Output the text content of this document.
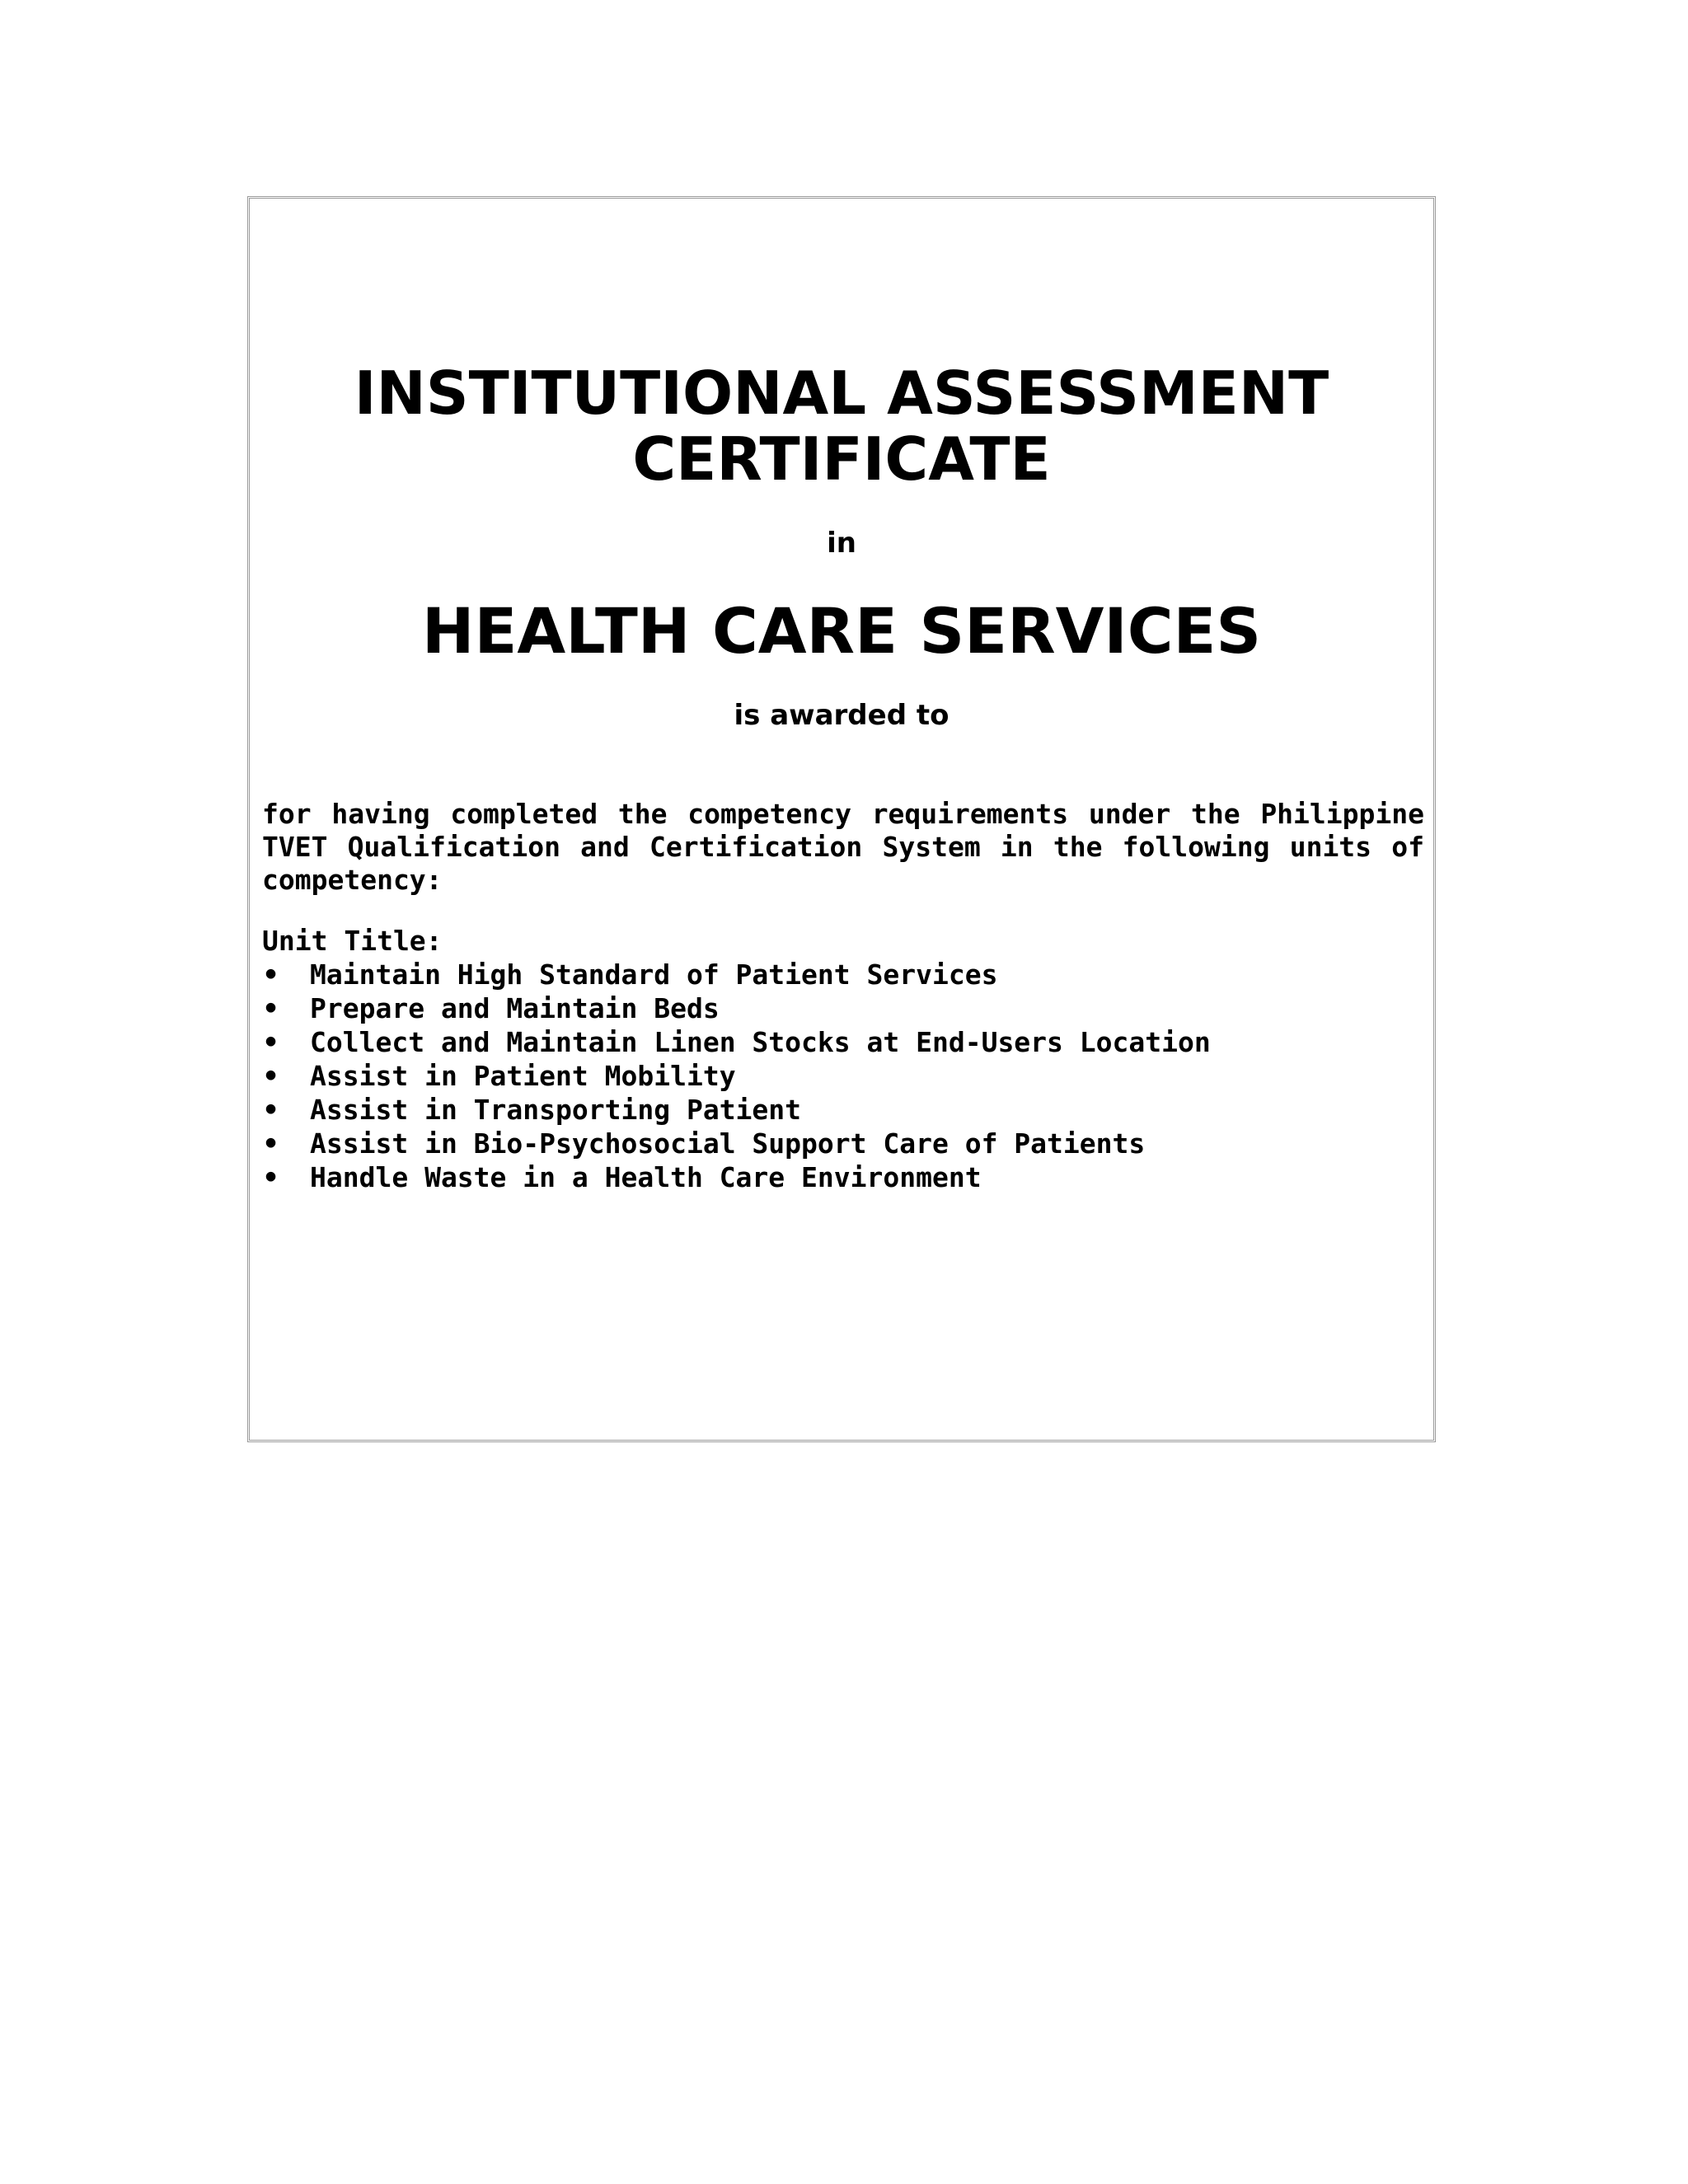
INSTITUTIONAL ASSESSMENT
CERTIFICATE
in
HEALTH CARE SERVICES
is awarded to

for having completed the competency requirements under the Philippine TVET Qualification and Certification System in the following units of competency:

Unit Title:
• Maintain High Standard of Patient Services
• Prepare and Maintain Beds
• Collect and Maintain Linen Stocks at End-Users Location
• Assist in Patient Mobility
• Assist in Transporting Patient
• Assist in Bio-Psychosocial Support Care of Patients
• Handle Waste in a Health Care Environment
